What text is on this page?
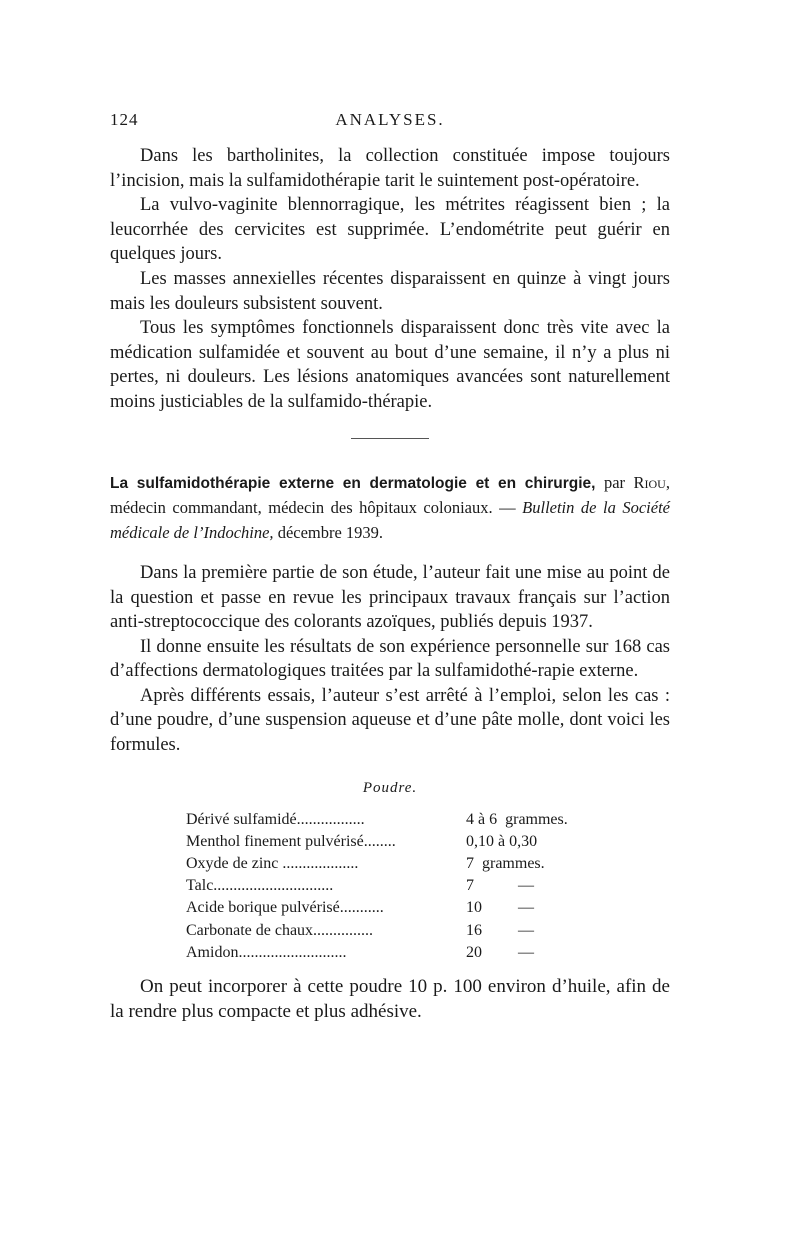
124	ANALYSES.

Dans les bartholinites, la collection constituée impose toujours l’incision, mais la sulfamidothérapie tarit le suintement post-opératoire.

La vulvo-vaginite blennorragique, les métrites réagissent bien ; la leucorrhée des cervicites est supprimée. L’endométrite peut guérir en quelques jours.

Les masses annexielles récentes disparaissent en quinze à vingt jours mais les douleurs subsistent souvent.

Tous les symptômes fonctionnels disparaissent donc très vite avec la médication sulfamidée et souvent au bout d’une semaine, il n’y a plus ni pertes, ni douleurs. Les lésions anatomiques avancées sont naturellement moins justiciables de la sulfamido-thérapie.

La sulfamidothérapie externe en dermatologie et en chirurgie, par Riou, médecin commandant, médecin des hôpitaux coloniaux. — Bulletin de la Société médicale de l’Indochine, décembre 1939.

Dans la première partie de son étude, l’auteur fait une mise au point de la question et passe en revue les principaux travaux français sur l’action anti-streptococcique des colorants azoïques, publiés depuis 1937.

Il donne ensuite les résultats de son expérience personnelle sur 168 cas d’affections dermatologiques traitées par la sulfamidothé-rapie externe.

Après différents essais, l’auteur s’est arrêté à l’emploi, selon les cas : d’une poudre, d’une suspension aqueuse et d’une pâte molle, dont voici les formules.

Poudre.
Dérivé sulfamidé.................	4 à 6 grammes.
Menthol finement pulvérisé........	0,10 à 0,30
Oxyde de zinc ...................	7 grammes.
Talc..............................	7	—
Acide borique pulvérisé...........	10 —
Carbonate de chaux...............	16 —
Amidon...........................	20 —

On peut incorporer à cette poudre 10 p. 100 environ d’huile, afin de la rendre plus compacte et plus adhésive.
